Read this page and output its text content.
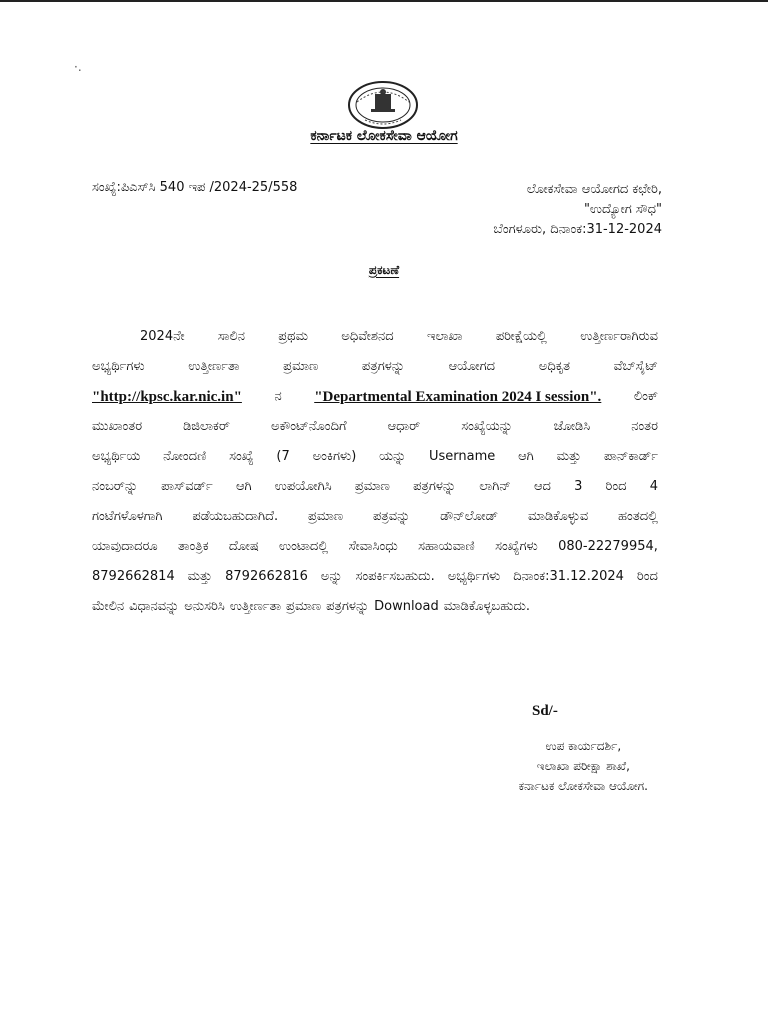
·.
ಕರ್ನಾಟಕ ಲೋಕಸೇವಾ ಆಯೋಗ
ಸಂಖ್ಯೆ:ಪಿಎಸ್‌ಸಿ 540 ಇಪ /2024-25/558	ಲೋಕಸೇವಾ ಆಯೋಗದ ಕಛೇರಿ,
"ಉದ್ಯೋಗ ಸೌಧ"
ಬೆಂಗಳೂರು, ದಿನಾಂಕ:31-12-2024
ಪ್ರಕಟಣೆ
2024ನೇ	ಸಾಲಿನ	ಪ್ರಥಮ	ಅಧಿವೇಶನದ	ಇಲಾಖಾ	ಪರೀಕ್ಷೆಯಲ್ಲಿ	ಉತ್ತೀರ್ಣರಾಗಿರುವ
ಅಭ್ಯರ್ಥಿಗಳು	ಉತ್ತೀರ್ಣತಾ	ಪ್ರಮಾಣ	ಪತ್ರಗಳನ್ನು	ಆಯೋಗದ	ಅಧಿಕೃತ	ವೆಬ್‌ಸೈಟ್
"http://kpsc.kar.nic.in"	ನ "Departmental Examination 2024 I session".	ಲಿಂಕ್
ಮುಖಾಂತರ	ಡಿಜಿಲಾಕರ್	ಅಕೌಂಟ್‌ನೊಂದಿಗೆ	ಆಧಾರ್	ಸಂಖ್ಯೆಯನ್ನು	ಜೋಡಿಸಿ	ನಂತರ
ಅಭ್ಯರ್ಥಿಯ ನೋಂದಣಿ ಸಂಖ್ಯೆ (7 ಅಂಕಿಗಳು) ಯನ್ನು Username ಆಗಿ ಮತ್ತು ಪಾನ್‌ಕಾರ್ಡ್
ನಂಬರ್‌ನ್ನು ಪಾಸ್‌ವರ್ಡ್ ಆಗಿ ಉಪಯೋಗಿಸಿ ಪ್ರಮಾಣ ಪತ್ರಗಳನ್ನು ಲಾಗಿನ್ ಆದ 3 ರಿಂದ 4
ಗಂಟೆಗಳೊಳಗಾಗಿ ಪಡೆಯಬಹುದಾಗಿದೆ. ಪ್ರಮಾಣ ಪತ್ರವನ್ನು ಡೌನ್‌ಲೋಡ್ ಮಾಡಿಕೊಳ್ಳುವ ಹಂತದಲ್ಲಿ
ಯಾವುದಾದರೂ ತಾಂತ್ರಿಕ ದೋಷ ಉಂಟಾದಲ್ಲಿ ಸೇವಾಸಿಂಧು ಸಹಾಯವಾಣಿ ಸಂಖ್ಯೆಗಳು 080-22279954,
8792662814 ಮತ್ತು 8792662816 ಅನ್ನು ಸಂಪರ್ಕಿಸಬಹುದು. ಅಭ್ಯರ್ಥಿಗಳು ದಿನಾಂಕ:31.12.2024 ರಿಂದ
ಮೇಲಿನ ವಿಧಾನವನ್ನು ಅನುಸರಿಸಿ ಉತ್ತೀರ್ಣತಾ ಪ್ರಮಾಣ ಪತ್ರಗಳನ್ನು Download ಮಾಡಿಕೊಳ್ಳಬಹುದು.
Sd/-
ಉಪ ಕಾರ್ಯದರ್ಶಿ,
ಇಲಾಖಾ ಪರೀಕ್ಷಾ ಶಾಖೆ,
ಕರ್ನಾಟಕ ಲೋಕಸೇವಾ ಆಯೋಗ.
